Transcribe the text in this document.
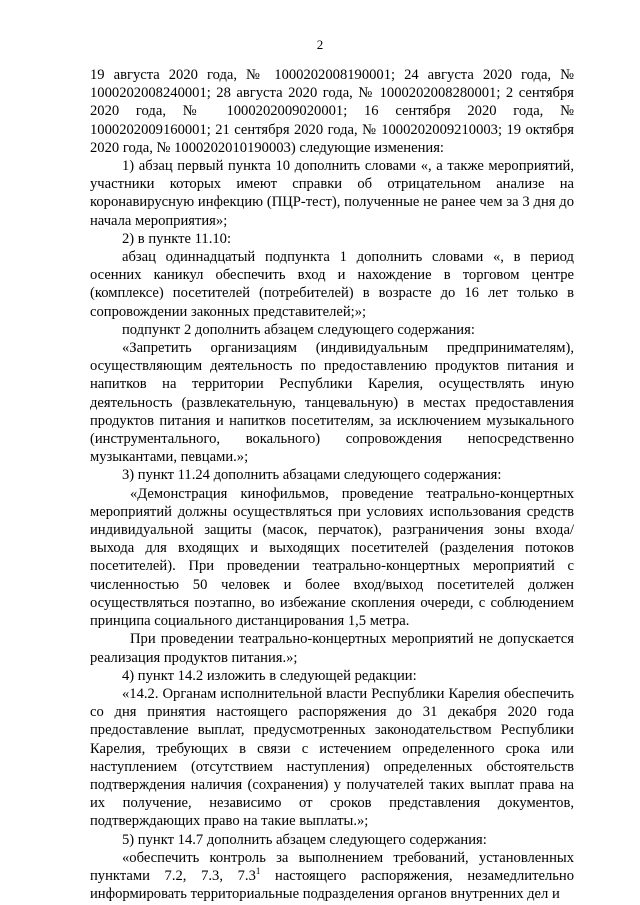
2

19 августа 2020 года, № 1000202008190001; 24 августа 2020 года, № 1000202008240001; 28 августа 2020 года, № 1000202008280001; 2 сентября 2020 года, № 1000202009020001; 16 сентября 2020 года, № 1000202009160001; 21 сентября 2020 года, № 1000202009210003; 19 октября 2020 года, № 1000202010190003) следующие изменения:

1) абзац первый пункта 10 дополнить словами «, а также мероприятий, участники которых имеют справки об отрицательном анализе на коронавирусную инфекцию (ПЦР-тест), полученные не ранее чем за 3 дня до начала мероприятия»;

2) в пункте 11.10:

абзац одиннадцатый подпункта 1 дополнить словами «, в период осенних каникул обеспечить вход и нахождение в торговом центре (комплексе) посетителей (потребителей) в возрасте до 16 лет только в сопровождении законных представителей;»;

подпункт 2 дополнить абзацем следующего содержания:

«Запретить организациям (индивидуальным предпринимателям), осуществляющим деятельность по предоставлению продуктов питания и напитков на территории Республики Карелия, осуществлять иную деятельность (развлекательную, танцевальную) в местах предоставления продуктов питания и напитков посетителям, за исключением музыкального (инструментального, вокального) сопровождения непосредственно музыкантами, певцами.»;

3) пункт 11.24 дополнить абзацами следующего содержания:

«Демонстрация кинофильмов, проведение театрально-концертных мероприятий должны осуществляться при условиях использования средств индивидуальной защиты (масок, перчаток), разграничения зоны входа/выхода для входящих и выходящих посетителей (разделения потоков посетителей). При проведении театрально-концертных мероприятий с численностью 50 человек и более вход/выход посетителей должен осуществляться поэтапно, во избежание скопления очереди, с соблюдением принципа социального дистанцирования 1,5 метра.

При проведении театрально-концертных мероприятий не допускается реализация продуктов питания.»;

4) пункт 14.2 изложить в следующей редакции:

«14.2. Органам исполнительной власти Республики Карелия обеспечить со дня принятия настоящего распоряжения до 31 декабря 2020 года предоставление выплат, предусмотренных законодательством Республики Карелия, требующих в связи с истечением определенного срока или наступлением (отсутствием наступления) определенных обстоятельств подтверждения наличия (сохранения) у получателей таких выплат права на их получение, независимо от сроков представления документов, подтверждающих право на такие выплаты.»;

5) пункт 14.7 дополнить абзацем следующего содержания:

«обеспечить контроль за выполнением требований, установленных пунктами 7.2, 7.3, $7.3^1$ настоящего распоряжения, незамедлительно информировать территориальные подразделения органов внутренних дел и
